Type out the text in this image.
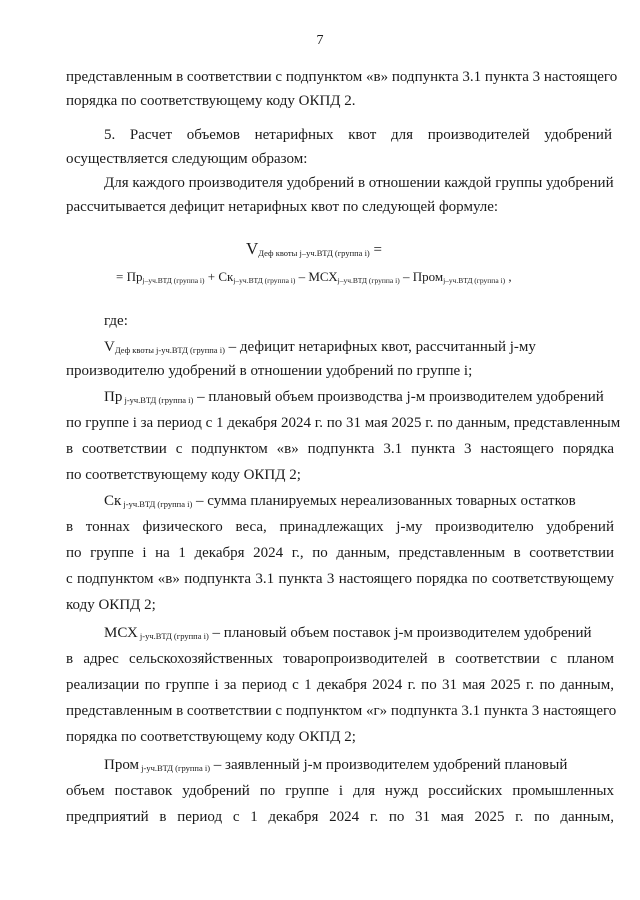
7
представленным в соответствии с подпунктом «в» подпункта 3.1 пункта 3 настоящего
порядка по соответствующему коду ОКПД 2.
5. Расчет объемов нетарифных квот для производителей удобрений
осуществляется следующим образом:
Для каждого производителя удобрений в отношении каждой группы удобрений
рассчитывается дефицит нетарифных квот по следующей формуле:
где:
$V_{Деф квоты j-уч.ВТД (группа i)}$ =
= $Пр_{j-уч.ВТД (группа i)} + Ск_{j-уч.ВТД (группа i)} - МСХ_{j-уч.ВТД (группа i)}$ – Пром$_{j-уч.ВТД (группа i)}$ ,
$V_{Деф квоты j-уч.ВТД (группа i)}$ – дефицит нетарифных квот, рассчитанный j-му
производителю удобрений в отношении удобрений по группе i;
Пр $_{j-уч.ВТД (группа i)}$ – плановый объем производства j-м производителем удобрений
по группе i за период с 1 декабря 2024 г. по 31 мая 2025 г. по данным, представленным
в соответствии с подпунктом «в» подпункта 3.1 пункта 3 настоящего порядка
по соответствующему коду ОКПД 2;
Ск $_{j-уч.ВТД (группа i)}$ – сумма планируемых нереализованных товарных остатков
в тоннах физического веса, принадлежащих j-му производителю удобрений
по группе i на 1 декабря 2024 г., по данным, представленным в соответствии
с подпунктом «в» подпункта 3.1 пункта 3 настоящего порядка по соответствующему
коду ОКПД 2;
МСХ $_{j-уч.ВТД (группа i)}$ – плановый объем поставок j-м производителем удобрений
в адрес сельскохозяйственных товаропроизводителей в соответствии с планом
реализации по группе i за период с 1 декабря 2024 г. по 31 мая 2025 г. по данным,
представленным в соответствии с подпунктом «г» подпункта 3.1 пункта 3 настоящего
порядка по соответствующему коду ОКПД 2;
Пром $_{j-уч.ВТД (группа i)}$ – заявленный j-м производителем удобрений плановый
объем поставок удобрений по группе i для нужд российских промышленных
предприятий в период с 1 декабря 2024 г. по 31 мая 2025 г. по данным,
